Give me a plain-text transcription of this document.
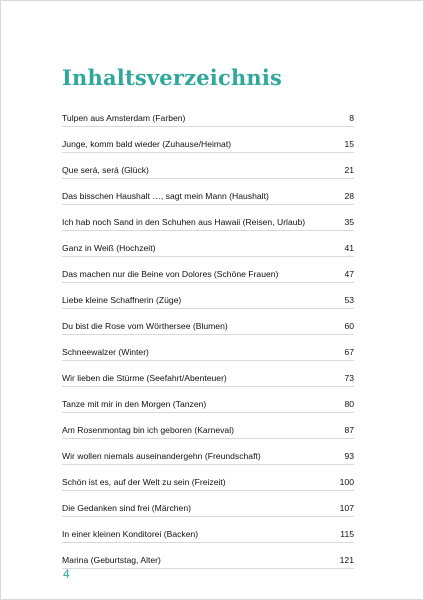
Inhaltsverzeichnis
Tulpen aus Amsterdam (Farben)	8
Junge, komm bald wieder (Zuhause/Heimat)	15
Que será, será (Glück)	21
Das bisschen Haushalt …, sagt mein Mann (Haushalt)	28
Ich hab noch Sand in den Schuhen aus Hawaii (Reisen, Urlaub)	35
Ganz in Weiß (Hochzeit)	41
Das machen nur die Beine von Dolores (Schöne Frauen)	47
Liebe kleine Schaffnerin (Züge)	53
Du bist die Rose vom Wörthersee (Blumen)	60
Schneewalzer (Winter)	67
Wir lieben die Stürme (Seefahrt/Abenteuer)	73
Tanze mit mir in den Morgen (Tanzen)	80
Am Rosenmontag bin ich geboren (Karneval)	87
Wir wollen niemals auseinandergehn (Freundschaft)	93
Schön ist es, auf der Welt zu sein (Freizeit)	100
Die Gedanken sind frei (Märchen)	107
In einer kleinen Konditorei (Backen)	115
Marina (Geburtstag, Alter)	121
4
